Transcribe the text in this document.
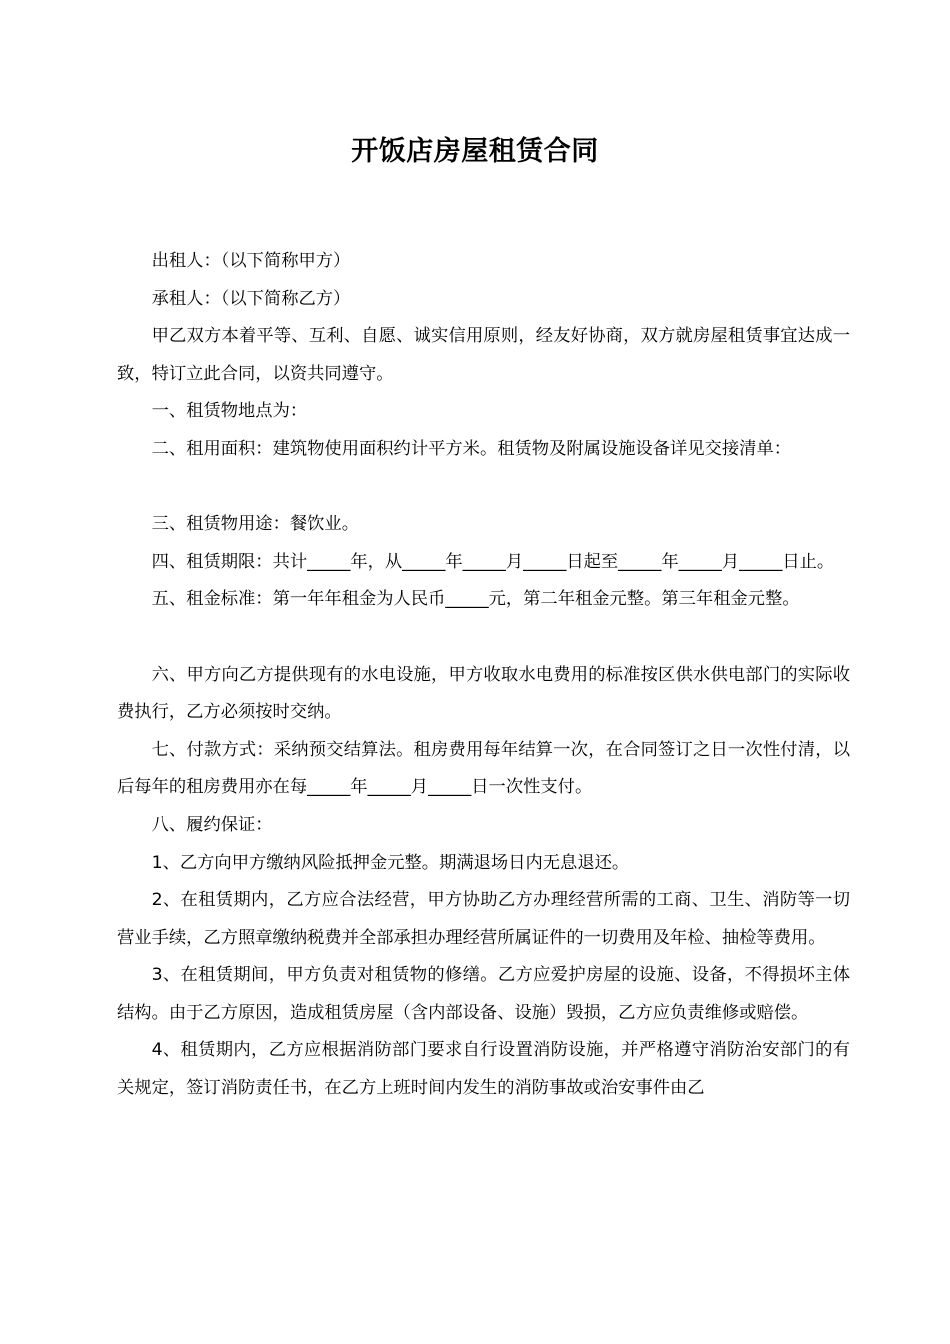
开饭店房屋租赁合同

出租人：（以下简称甲方）

承租人：（以下简称乙方）

甲乙双方本着平等、互利、自愿、诚实信用原则，经友好协商，双方就房屋租赁事宜达成一致，特订立此合同，以资共同遵守。

一、租赁物地点为：

二、租用面积：建筑物使用面积约计平方米。租赁物及附属设施设备详见交接清单：

三、租赁物用途：餐饮业。

四、租赁期限：共计_____年，从_____年_____月_____日起至_____年_____月_____日止。

五、租金标准：第一年年租金为人民币_____元，第二年租金元整。第三年租金元整。

六、甲方向乙方提供现有的水电设施，甲方收取水电费用的标准按区供水供电部门的实际收费执行，乙方必须按时交纳。

七、付款方式：采纳预交结算法。租房费用每年结算一次，在合同签订之日一次性付清，以后每年的租房费用亦在每_____年_____月_____日一次性支付。

八、履约保证：

1、乙方向甲方缴纳风险抵押金元整。期满退场日内无息退还。

2、在租赁期内，乙方应合法经营，甲方协助乙方办理经营所需的工商、卫生、消防等一切营业手续，乙方照章缴纳税费并全部承担办理经营所属证件的一切费用及年检、抽检等费用。

3、在租赁期间，甲方负责对租赁物的修缮。乙方应爱护房屋的设施、设备，不得损坏主体结构。由于乙方原因，造成租赁房屋（含内部设备、设施）毁损，乙方应负责维修或赔偿。

4、租赁期内，乙方应根据消防部门要求自行设置消防设施，并严格遵守消防治安部门的有关规定，签订消防责任书，在乙方上班时间内发生的消防事故或治安事件由乙
